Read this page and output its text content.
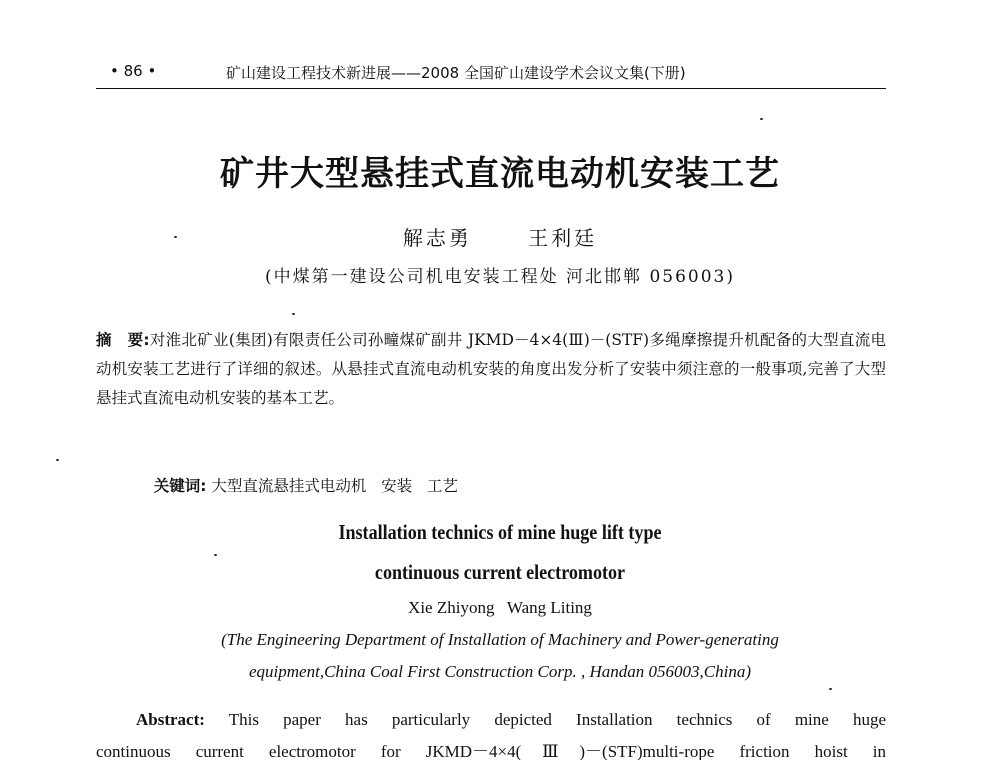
• 86 •	矿山建设工程技术新进展——2008 全国矿山建设学术会议文集(下册)
矿井大型悬挂式直流电动机安装工艺
解志勇      王利廷
(中煤第一建设公司机电安装工程处 河北邯郸 056003)
摘　要:对淮北矿业(集团)有限责任公司孙疃煤矿副井 JKMD－4×4(Ⅲ)－(STF)多绳摩擦提升机配备的大型直流电动机安装工艺进行了详细的叙述。从悬挂式直流电动机安装的角度出发分析了安装中须注意的一般事项,完善了大型悬挂式直流电动机安装的基本工艺。

关键词: 大型直流悬挂式电动机   安装   工艺

Installation technics of mine huge lift type
continuous current electromotor
Xie Zhiyong   Wang Liting
(The Engineering Department of Installation of Machinery and Power-generating
equipment,China Coal First Construction Corp. , Handan 056003,China)
Abstract: This paper has particularly depicted Installation technics of mine huge
continuous current electromotor for JKMD－4×4(Ⅲ)－(STF)multi-rope friction hoist in
